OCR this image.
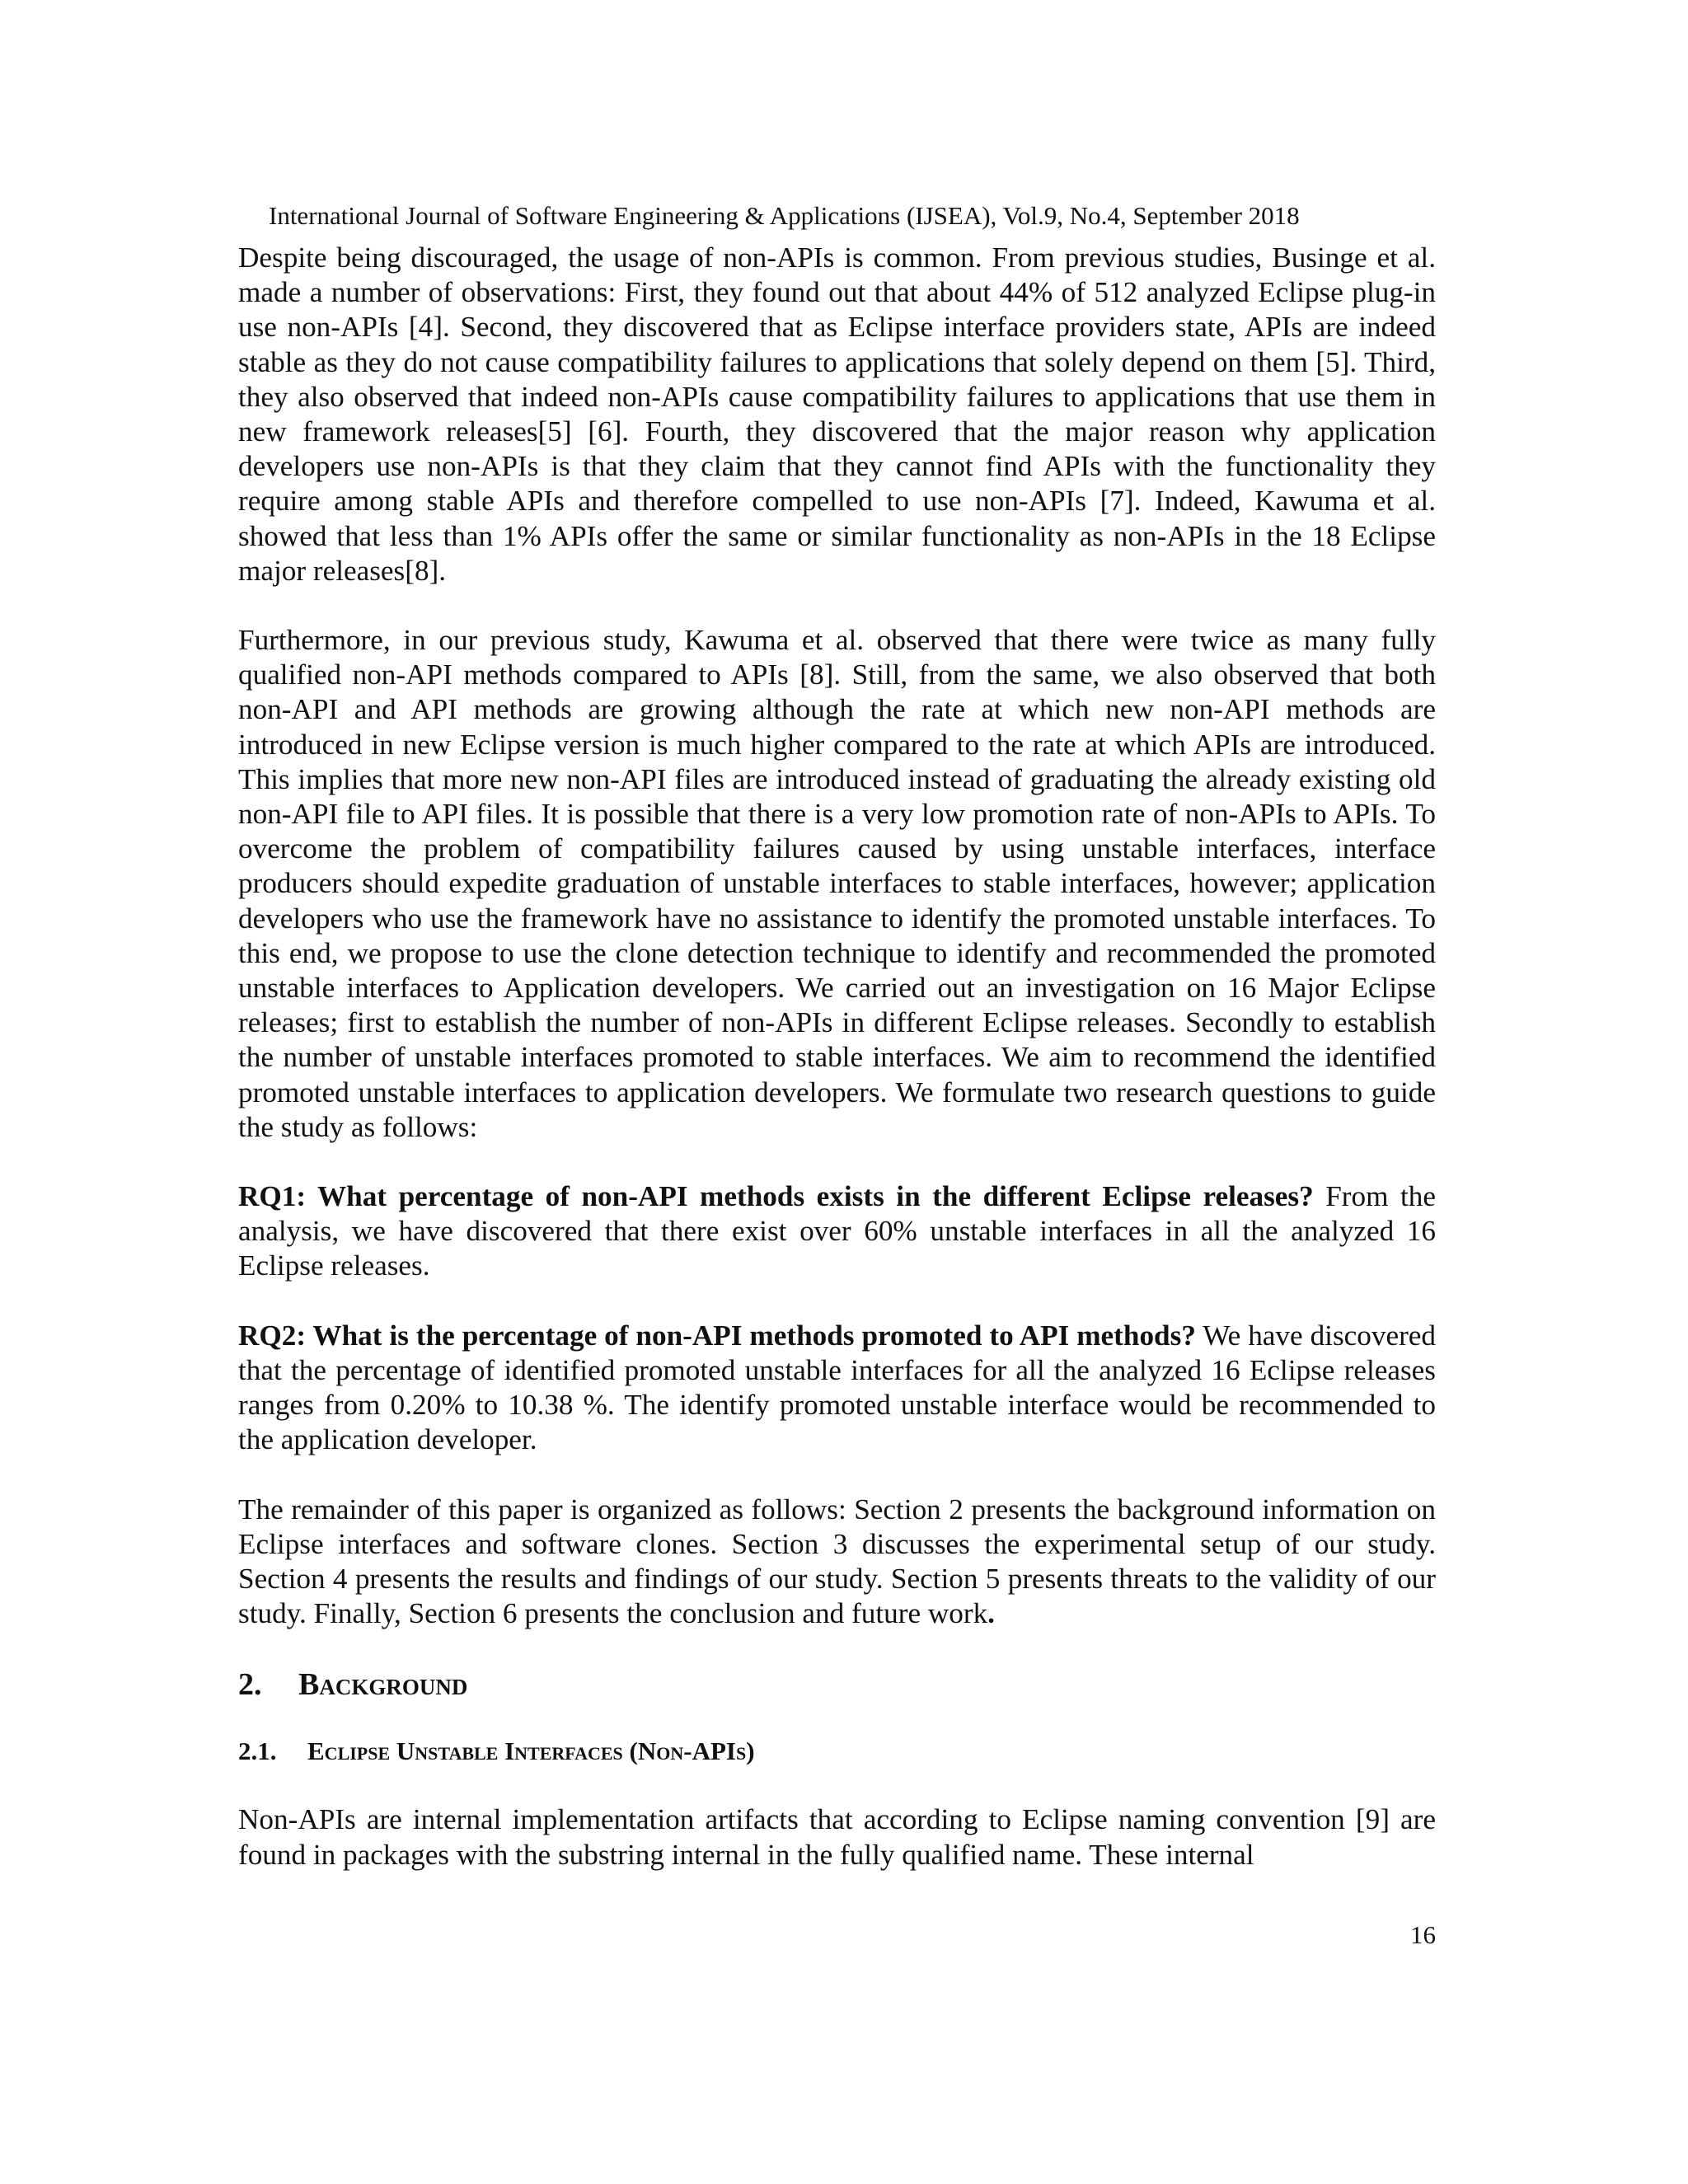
International Journal of Software Engineering & Applications (IJSEA), Vol.9, No.4, September 2018

Despite being discouraged, the usage of non-APIs is common. From previous studies, Businge et al. made a number of observations: First, they found out that about 44% of 512 analyzed Eclipse plug-in use non-APIs [4]. Second, they discovered that as Eclipse interface providers state, APIs are indeed stable as they do not cause compatibility failures to applications that solely depend on them [5]. Third, they also observed that indeed non-APIs cause compatibility failures to applications that use them in new framework releases[5] [6]. Fourth, they discovered that the major reason why application developers use non-APIs is that they claim that they cannot find APIs with the functionality they require among stable APIs and therefore compelled to use non-APIs [7]. Indeed, Kawuma et al. showed that less than 1% APIs offer the same or similar functionality as non-APIs in the 18 Eclipse major releases[8].

Furthermore, in our previous study, Kawuma et al. observed that there were twice as many fully qualified non-API methods compared to APIs [8]. Still, from the same, we also observed that both non-API and API methods are growing although the rate at which new non-API methods are introduced in new Eclipse version is much higher compared to the rate at which APIs are introduced. This implies that more new non-API files are introduced instead of graduating the already existing old non-API file to API files. It is possible that there is a very low promotion rate of non-APIs to APIs. To overcome the problem of compatibility failures caused by using unstable interfaces, interface producers should expedite graduation of unstable interfaces to stable interfaces, however; application developers who use the framework have no assistance to identify the promoted unstable interfaces. To this end, we propose to use the clone detection technique to identify and recommended the promoted unstable interfaces to Application developers. We carried out an investigation on 16 Major Eclipse releases; first to establish the number of non-APIs in different Eclipse releases. Secondly to establish the number of unstable interfaces promoted to stable interfaces. We aim to recommend the identified promoted unstable interfaces to application developers. We formulate two research questions to guide the study as follows:

RQ1: What percentage of non-API methods exists in the different Eclipse releases? From the analysis, we have discovered that there exist over 60% unstable interfaces in all the analyzed 16 Eclipse releases.

RQ2: What is the percentage of non-API methods promoted to API methods? We have discovered that the percentage of identified promoted unstable interfaces for all the analyzed 16 Eclipse releases ranges from 0.20% to 10.38 %. The identify promoted unstable interface would be recommended to the application developer.

The remainder of this paper is organized as follows: Section 2 presents the background information on Eclipse interfaces and software clones. Section 3 discusses the experimental setup of our study. Section 4 presents the results and findings of our study. Section 5 presents threats to the validity of our study. Finally, Section 6 presents the conclusion and future work.

2. Background
2.1. Eclipse Unstable Interfaces (Non-APIs)

Non-APIs are internal implementation artifacts that according to Eclipse naming convention [9] are found in packages with the substring internal in the fully qualified name. These internal

16
